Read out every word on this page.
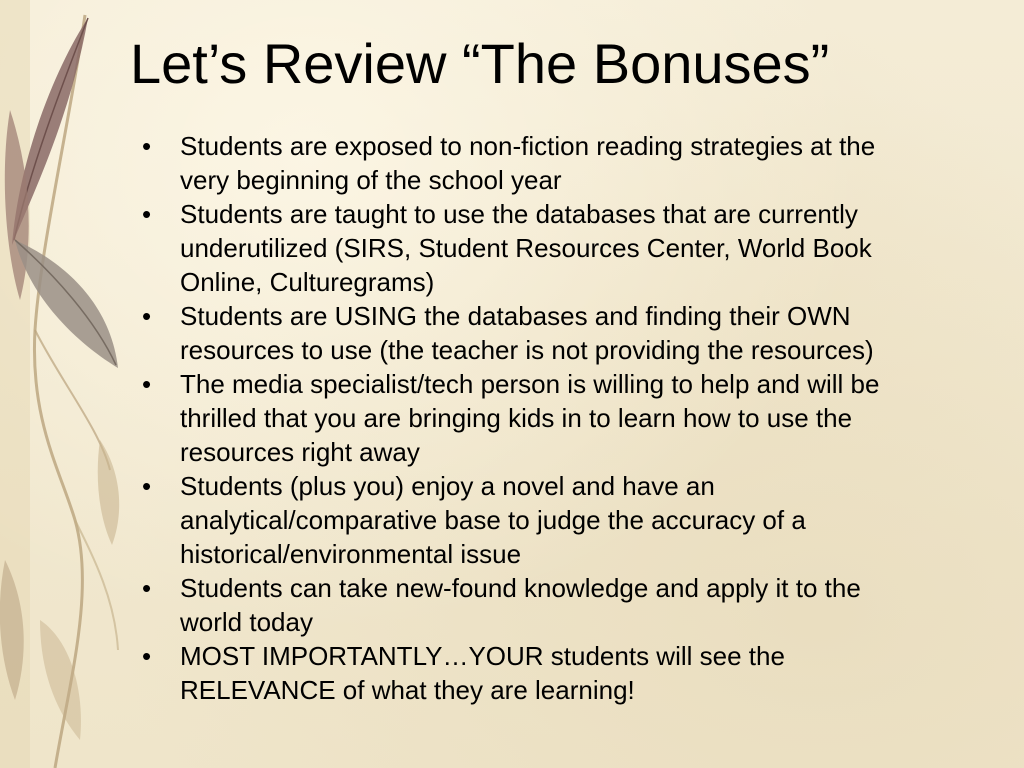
Let’s Review “The Bonuses”
• Students are exposed to non-fiction reading strategies at the very beginning of the school year
• Students are taught to use the databases that are currently underutilized (SIRS, Student Resources Center, World Book Online, Culturegrams)
• Students are USING the databases and finding their OWN resources to use (the teacher is not providing the resources)
• The media specialist/tech person is willing to help and will be thrilled that you are bringing kids in to learn how to use the resources right away
• Students (plus you) enjoy a novel and have an analytical/comparative base to judge the accuracy of a historical/environmental issue
• Students can take new-found knowledge and apply it to the world today
• MOST IMPORTANTLY…YOUR students will see the RELEVANCE of what they are learning!
